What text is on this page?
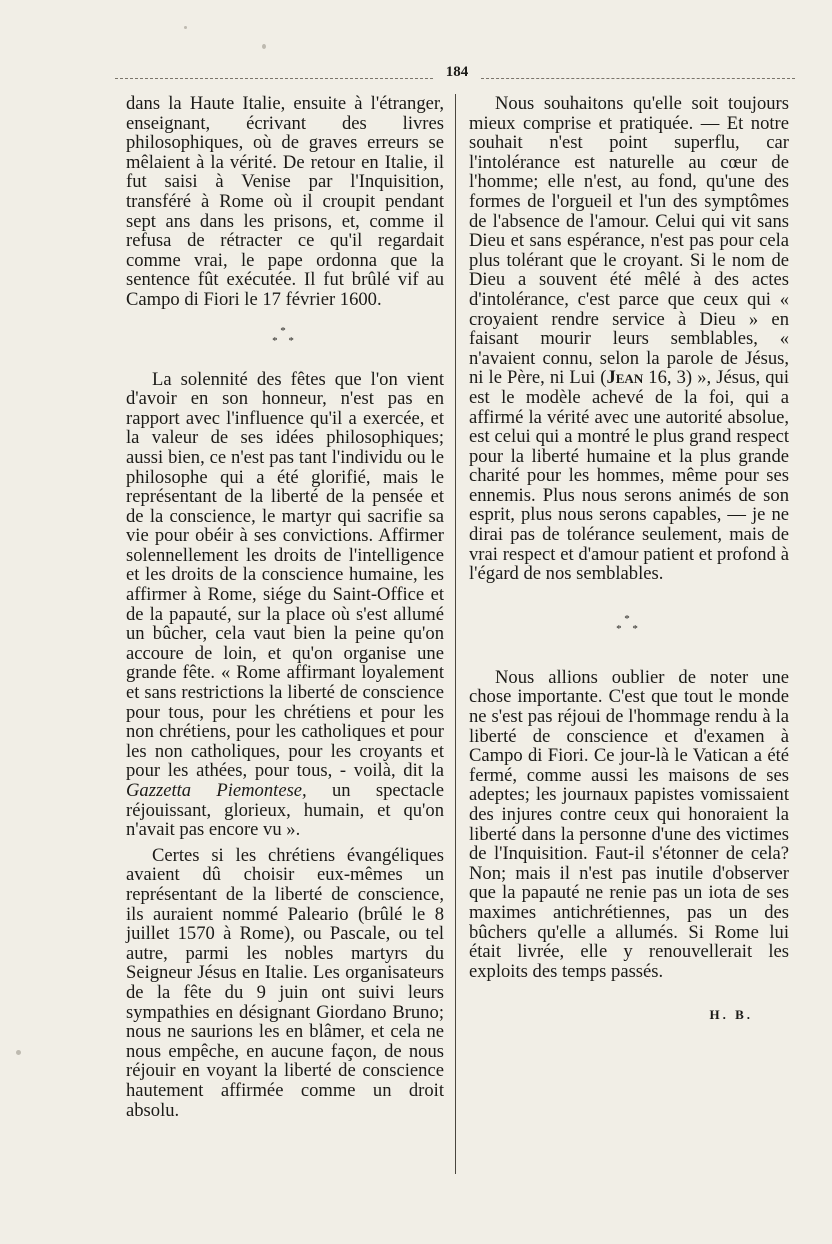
184

dans la Haute Italie, ensuite à l'étranger, enseignant, écrivant des livres philosophiques, où de graves erreurs se mêlaient à la vérité. De retour en Italie, il fut saisi à Venise par l'Inquisition, transféré à Rome où il croupit pendant sept ans dans les prisons, et, comme il refusa de rétracter ce qu'il regardait comme vrai, le pape ordonna que la sentence fût exécutée. Il fut brûlé vif au Campo di Fiori le 17 février 1600.

*
* *

La solennité des fêtes que l'on vient d'avoir en son honneur, n'est pas en rapport avec l'influence qu'il a exercée, et la valeur de ses idées philosophiques; aussi bien, ce n'est pas tant l'individu ou le philosophe qui a été glorifié, mais le représentant de la liberté de la pensée et de la conscience, le martyr qui sacrifie sa vie pour obéir à ses convictions. Affirmer solennellement les droits de l'intelligence et les droits de la conscience humaine, les affirmer à Rome, siége du Saint-Office et de la papauté, sur la place où s'est allumé un bûcher, cela vaut bien la peine qu'on accoure de loin, et qu'on organise une grande fête. « Rome affirmant loyalement et sans restrictions la liberté de conscience pour tous, pour les chrétiens et pour les non chrétiens, pour les catholiques et pour les non catholiques, pour les croyants et pour les athées, pour tous, - voilà, dit la Gazzetta Piemontese, un spectacle réjouissant, glorieux, humain, et qu'on n'avait pas encore vu ».

Certes si les chrétiens évangéliques avaient dû choisir eux-mêmes un représentant de la liberté de conscience, ils auraient nommé Paleario (brûlé le 8 juillet 1570 à Rome), ou Pascale, ou tel autre, parmi les nobles martyrs du Seigneur Jésus en Italie. Les organisateurs de la fête du 9 juin ont suivi leurs sympathies en désignant Giordano Bruno; nous ne saurions les en blâmer, et cela ne nous empêche, en aucune façon, de nous réjouir en voyant la liberté de conscience hautement affirmée comme un droit absolu.

Nous souhaitons qu'elle soit toujours mieux comprise et pratiquée. — Et notre souhait n'est point superflu, car l'intolérance est naturelle au cœur de l'homme; elle n'est, au fond, qu'une des formes de l'orgueil et l'un des symptômes de l'absence de l'amour. Celui qui vit sans Dieu et sans espérance, n'est pas pour cela plus tolérant que le croyant. Si le nom de Dieu a souvent été mêlé à des actes d'intolérance, c'est parce que ceux qui « croyaient rendre service à Dieu » en faisant mourir leurs semblables, « n'avaient connu, selon la parole de Jésus, ni le Père, ni Lui (Jean 16, 3) », Jésus, qui est le modèle achevé de la foi, qui a affirmé la vérité avec une autorité absolue, est celui qui a montré le plus grand respect pour la liberté humaine et la plus grande charité pour les hommes, même pour ses ennemis. Plus nous serons animés de son esprit, plus nous serons capables, — je ne dirai pas de tolérance seulement, mais de vrai respect et d'amour patient et profond à l'égard de nos semblables.

*
* *

Nous allions oublier de noter une chose importante. C'est que tout le monde ne s'est pas réjoui de l'hommage rendu à la liberté de conscience et d'examen à Campo di Fiori. Ce jour-là le Vatican a été fermé, comme aussi les maisons de ses adeptes; les journaux papistes vomissaient des injures contre ceux qui honoraient la liberté dans la personne d'une des victimes de l'Inquisition. Faut-il s'étonner de cela? Non; mais il n'est pas inutile d'observer que la papauté ne renie pas un iota de ses maximes antichrétiennes, pas un des bûchers qu'elle a allumés. Si Rome lui était livrée, elle y renouvellerait les exploits des temps passés.

H. B.
